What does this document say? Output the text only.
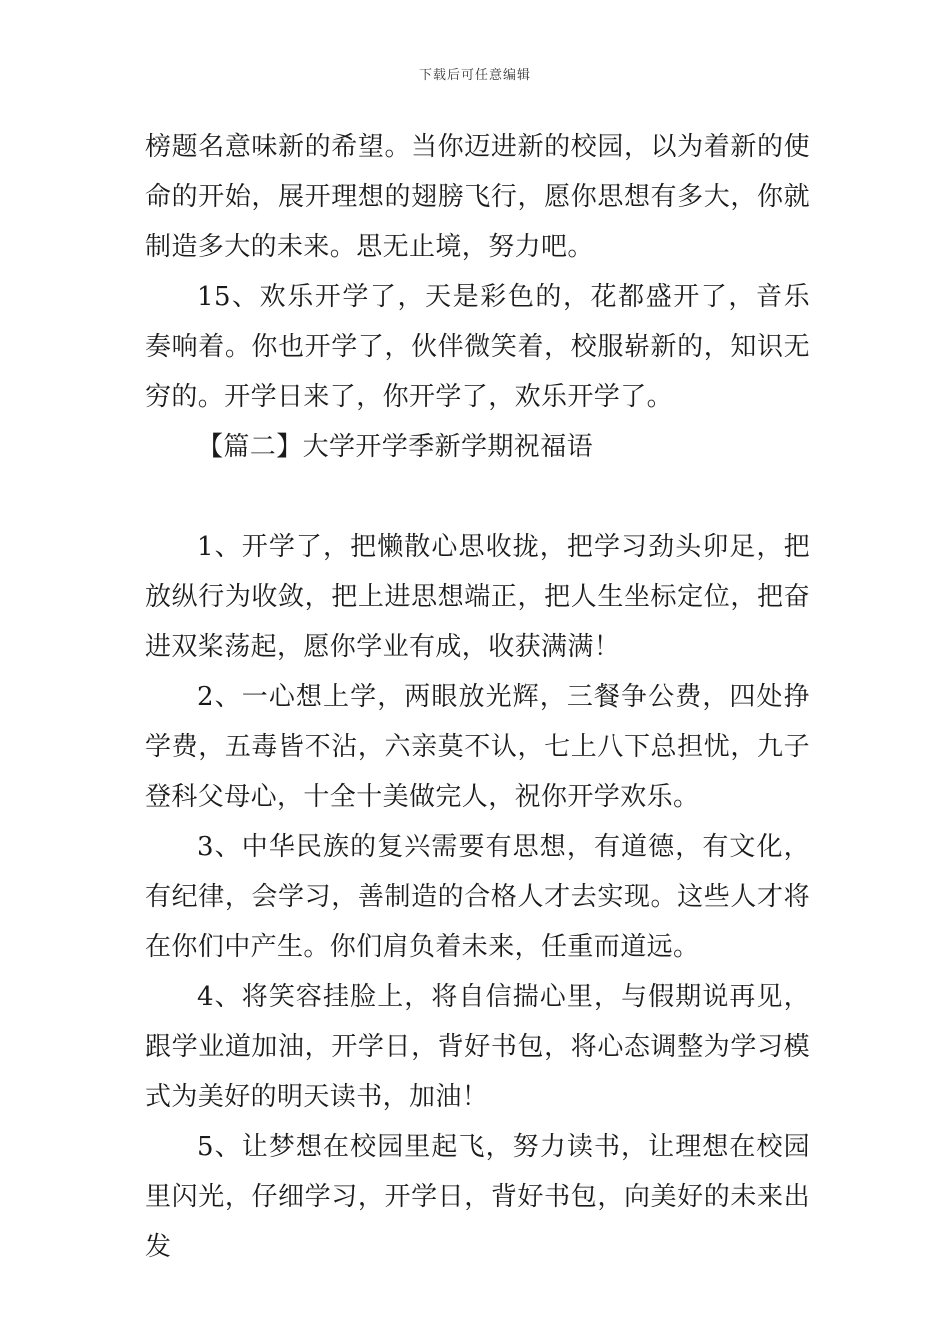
下载后可任意编辑

榜题名意味新的希望。当你迈进新的校园，以为着新的使命的开始，展开理想的翅膀飞行，愿你思想有多大，你就制造多大的未来。思无止境，努力吧。

15、欢乐开学了，天是彩色的，花都盛开了，音乐奏响着。你也开学了，伙伴微笑着，校服崭新的，知识无穷的。开学日来了，你开学了，欢乐开学了。

【篇二】大学开学季新学期祝福语

1、开学了，把懒散心思收拢，把学习劲头卯足，把放纵行为收敛，把上进思想端正，把人生坐标定位，把奋进双桨荡起，愿你学业有成，收获满满！

2、一心想上学，两眼放光辉，三餐争公费，四处挣学费，五毒皆不沾，六亲莫不认，七上八下总担忧，九子登科父母心，十全十美做完人，祝你开学欢乐。

3、中华民族的复兴需要有思想，有道德，有文化，有纪律，会学习，善制造的合格人才去实现。这些人才将在你们中产生。你们肩负着未来，任重而道远。

4、将笑容挂脸上，将自信揣心里，与假期说再见，跟学业道加油，开学日，背好书包，将心态调整为学习模式为美好的明天读书，加油！

5、让梦想在校园里起飞，努力读书，让理想在校园里闪光，仔细学习，开学日，背好书包，向美好的未来出发
